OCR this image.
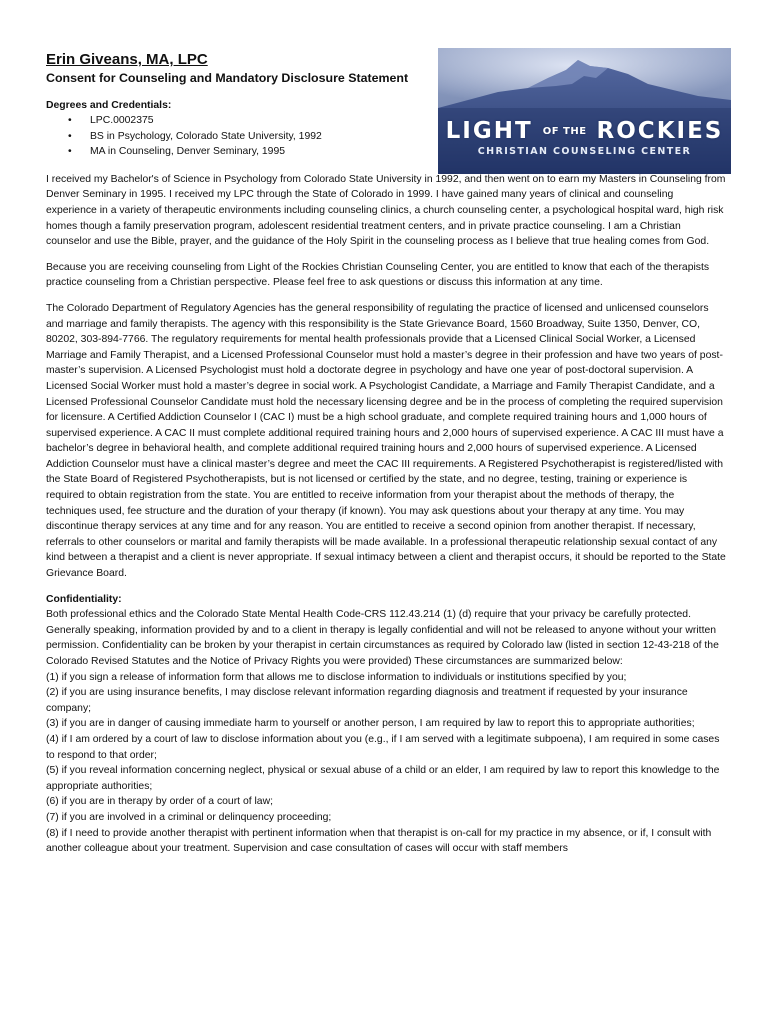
LIGHT OF THE ROCKIES
CHRISTIAN COUNSELING CENTER
Erin Giveans, MA, LPC
Consent for Counseling and Mandatory Disclosure Statement
Degrees and Credentials:
• LPC.0002375
• BS in Psychology, Colorado State University, 1992
• MA in Counseling, Denver Seminary, 1995

I received my Bachelor's of Science in Psychology from Colorado State University in 1992, and then went on to earn my Masters in Counseling from Denver Seminary in 1995. I received my LPC through the State of Colorado in 1999. I have gained many years of clinical and counseling experience in a variety of therapeutic environments including counseling clinics, a church counseling center, a psychological hospital ward, high risk homes though a family preservation program, adolescent residential treatment centers, and in private practice counseling. I am a Christian counselor and use the Bible, prayer, and the guidance of the Holy Spirit in the counseling process as I believe that true healing comes from God.

Because you are receiving counseling from Light of the Rockies Christian Counseling Center, you are entitled to know that each of the therapists practice counseling from a Christian perspective. Please feel free to ask questions or discuss this information at any time.

The Colorado Department of Regulatory Agencies has the general responsibility of regulating the practice of licensed and unlicensed counselors and marriage and family therapists. The agency with this responsibility is the State Grievance Board, 1560 Broadway, Suite 1350, Denver, CO, 80202, 303-894-7766. The regulatory requirements for mental health professionals provide that a Licensed Clinical Social Worker, a Licensed Marriage and Family Therapist, and a Licensed Professional Counselor must hold a master’s degree in their profession and have two years of post-master’s supervision. A Licensed Psychologist must hold a doctorate degree in psychology and have one year of post-doctoral supervision. A Licensed Social Worker must hold a master’s degree in social work. A Psychologist Candidate, a Marriage and Family Therapist Candidate, and a Licensed Professional Counselor Candidate must hold the necessary licensing degree and be in the process of completing the required supervision for licensure. A Certified Addiction Counselor I (CAC I) must be a high school graduate, and complete required training hours and 1,000 hours of supervised experience. A CAC II must complete additional required training hours and 2,000 hours of supervised experience. A CAC III must have a bachelor’s degree in behavioral health, and complete additional required training hours and 2,000 hours of supervised experience. A Licensed Addiction Counselor must have a clinical master’s degree and meet the CAC III requirements. A Registered Psychotherapist is registered/listed with the State Board of Registered Psychotherapists, but is not licensed or certified by the state, and no degree, testing, training or experience is required to obtain registration from the state. You are entitled to receive information from your therapist about the methods of therapy, the techniques used, fee structure and the duration of your therapy (if known). You may ask questions about your therapy at any time. You may discontinue therapy services at any time and for any reason. You are entitled to receive a second opinion from another therapist. If necessary, referrals to other counselors or marital and family therapists will be made available. In a professional therapeutic relationship sexual contact of any kind between a therapist and a client is never appropriate. If sexual intimacy between a client and therapist occurs, it should be reported to the State Grievance Board.

Confidentiality:

Both professional ethics and the Colorado State Mental Health Code-CRS 112.43.214 (1) (d) require that your privacy be carefully protected. Generally speaking, information provided by and to a client in therapy is legally confidential and will not be released to anyone without your written permission. Confidentiality can be broken by your therapist in certain circumstances as required by Colorado law (listed in section 12-43-218 of the Colorado Revised Statutes and the Notice of Privacy Rights you were provided) These circumstances are summarized below:

(1) if you sign a release of information form that allows me to disclose information to individuals or institutions specified by you;

(2) if you are using insurance benefits, I may disclose relevant information regarding diagnosis and treatment if requested by your insurance company;

(3) if you are in danger of causing immediate harm to yourself or another person, I am required by law to report this to appropriate authorities;

(4) if I am ordered by a court of law to disclose information about you (e.g., if I am served with a legitimate subpoena), I am required in some cases to respond to that order;

(5) if you reveal information concerning neglect, physical or sexual abuse of a child or an elder, I am required by law to report this knowledge to the appropriate authorities;

(6) if you are in therapy by order of a court of law;

(7) if you are involved in a criminal or delinquency proceeding;

(8) if I need to provide another therapist with pertinent information when that therapist is on-call for my practice in my absence, or if, I consult with another colleague about your treatment. Supervision and case consultation of cases will occur with staff members
